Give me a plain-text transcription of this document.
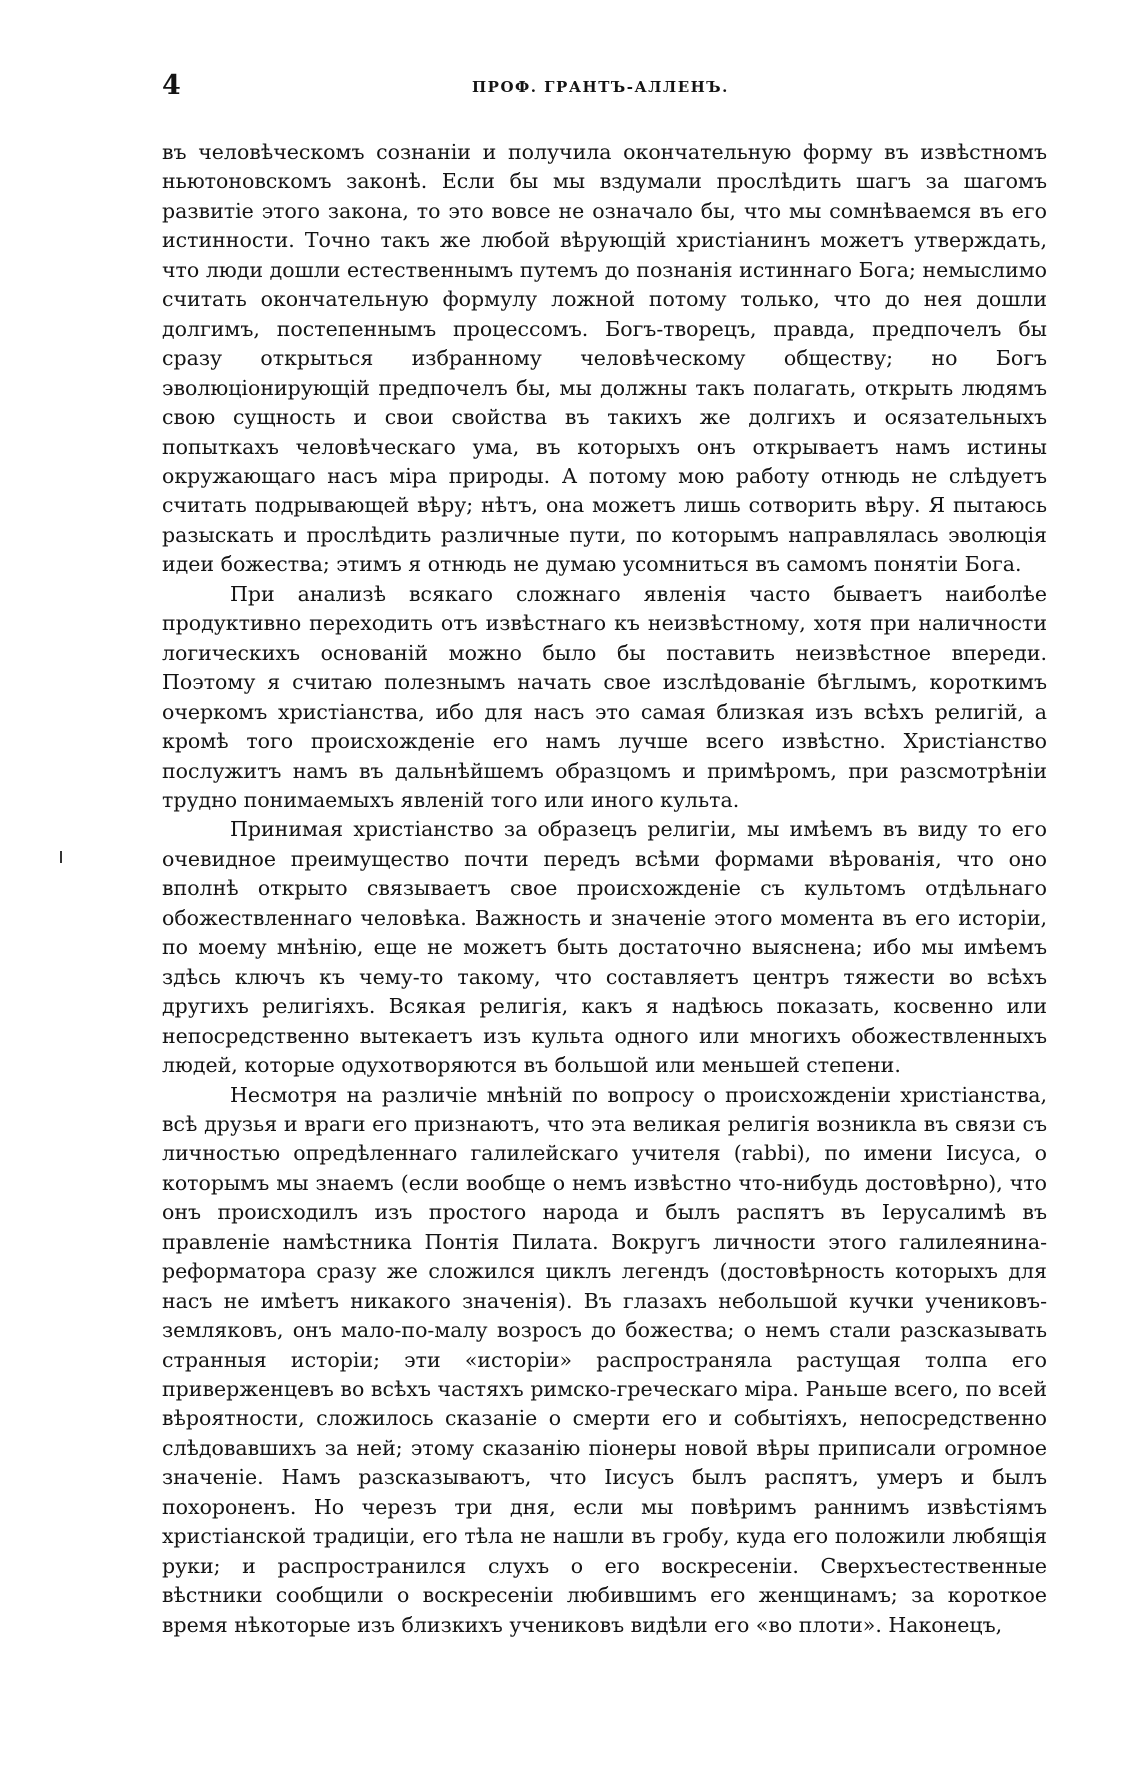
4	ПРОФ. ГРАНТЪ-АЛЛЕНЪ.

въ человѣческомъ сознаніи и получила окончательную форму въ извѣстномъ ньютоновскомъ законѣ. Если бы мы вздумали прослѣдить шагъ за шагомъ развитіе этого закона, то это вовсе не означало бы, что мы сомнѣваемся въ его истинности. Точно такъ же любой вѣрующій христіанинъ можетъ утверждать, что люди дошли естественнымъ путемъ до познанія истиннаго Бога; немыслимо считать окончательную формулу ложной потому только, что до нея дошли долгимъ, постепеннымъ процессомъ. Богъ-творецъ, правда, предпочелъ бы сразу открыться избранному человѣческому обществу; но Богъ эволюціонирующій предпочелъ бы, мы должны такъ полагать, открыть людямъ свою сущность и свои свойства въ такихъ же долгихъ и осязательныхъ попыткахъ человѣческаго ума, въ которыхъ онъ открываетъ намъ истины окружающаго насъ міра природы. А потому мою работу отнюдь не слѣдуетъ считать подрывающей вѣру; нѣтъ, она можетъ лишь сотворить вѣру. Я пытаюсь разыскать и прослѣдить различные пути, по которымъ направлялась эволюція идеи божества; этимъ я отнюдь не думаю усомниться въ самомъ понятіи Бога.

При анализѣ всякаго сложнаго явленія часто бываетъ наиболѣе продуктивно переходить отъ извѣстнаго къ неизвѣстному, хотя при наличности логическихъ основаній можно было бы поставить неизвѣстное впереди. Поэтому я считаю полезнымъ начать свое изслѣдованіе бѣглымъ, короткимъ очеркомъ христіанства, ибо для насъ это самая близкая изъ всѣхъ религій, а кромѣ того происхожденіе его намъ лучше всего извѣстно. Христіанство послужитъ намъ въ дальнѣйшемъ образцомъ и примѣромъ, при разсмотрѣніи трудно понимаемыхъ явленій того или иного культа.

Принимая христіанство за образецъ религіи, мы имѣемъ въ виду то его очевидное преимущество почти передъ всѣми формами вѣрованія, что оно вполнѣ открыто связываетъ свое происхожденіе съ культомъ отдѣльнаго обожествленнаго человѣка. Важность и значеніе этого момента въ его исторіи, по моему мнѣнію, еще не можетъ быть достаточно выяснена; ибо мы имѣемъ здѣсь ключъ къ чему-то такому, что составляетъ центръ тяжести во всѣхъ другихъ религіяхъ. Всякая религія, какъ я надѣюсь показать, косвенно или непосредственно вытекаетъ изъ культа одного или многихъ обожествленныхъ людей, которые одухотворяются въ большой или меньшей степени.

Несмотря на различіе мнѣній по вопросу о происхожденіи христіанства, всѣ друзья и враги его признаютъ, что эта великая религія возникла въ связи съ личностью опредѣленнаго галилейскаго учителя (rabbi), по имени Іисуса, о которымъ мы знаемъ (если вообще о немъ извѣстно что-нибудь достовѣрно), что онъ происходилъ изъ простого народа и былъ распятъ въ Іерусалимѣ въ правленіе намѣстника Понтія Пилата. Вокругъ личности этого галилеянина-реформатора сразу же сложился циклъ легендъ (достовѣрность которыхъ для насъ не имѣетъ никакого значенія). Въ глазахъ небольшой кучки учениковъ-земляковъ, онъ мало-по-малу возросъ до божества; о немъ стали разсказывать странныя исторіи; эти «исторіи» распространяла растущая толпа его приверженцевъ во всѣхъ частяхъ римско-греческаго міра. Раньше всего, по всей вѣроятности, сложилось сказаніе о смерти его и событіяхъ, непосредственно слѣдовавшихъ за ней; этому сказанію піонеры новой вѣры приписали огромное значеніе. Намъ разсказываютъ, что Іисусъ былъ распятъ, умеръ и былъ похороненъ. Но черезъ три дня, если мы повѣримъ раннимъ извѣстіямъ христіанской традиціи, его тѣла не нашли въ гробу, куда его положили любящія руки; и распространился слухъ о его воскресеніи. Сверхъестественные вѣстники сообщили о воскресеніи любившимъ его женщинамъ; за короткое время нѣкоторые изъ близкихъ учениковъ видѣли его «во плоти». Наконецъ,
